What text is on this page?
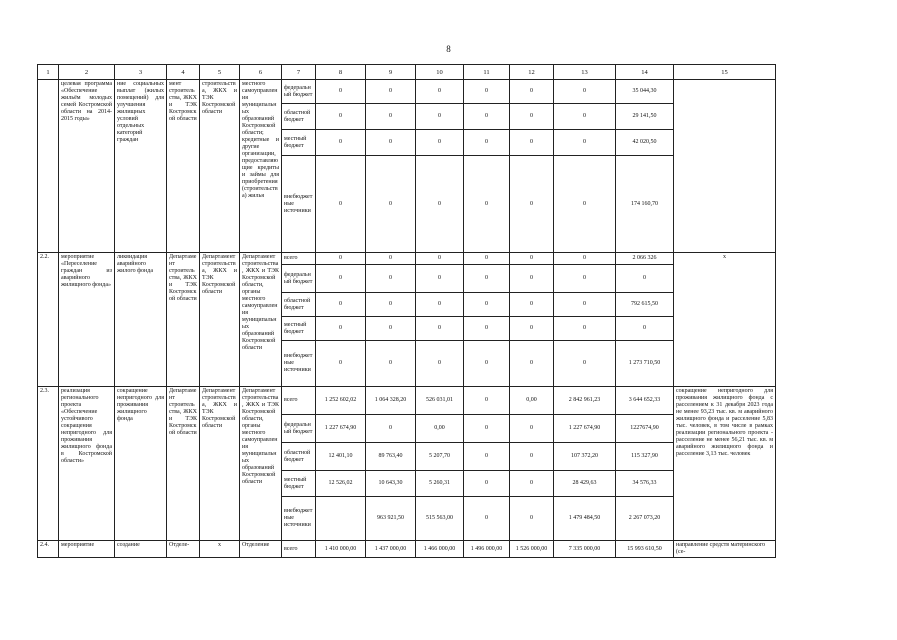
8
1	2	3	4	5	6	7	8	9	10	11	12	13	14	15
	целевая программа «Обеспечение жильём молодых семей Костромской области на 2014-2015 годы»	ние социальных выплат (жилых помещений) для улучшения жилищных условий отдельных категорий граждан	мент строительства, ЖКХ и ТЭК Костромской области	строительства, ЖКХ и ТЭК Костромской области	местного самоуправления муниципальных образований Костромской области; кредитные и другие организации, предоставляющие кредиты и займы для приобретения (строительства) жилья	федеральный бюджет	0	0	0	0	0	0	35 044,30	
						областной бюджет	0	0	0	0	0	0	29 141,50	
						местный бюджет	0	0	0	0	0	0	42 020,50	
						внебюджетные источники	0	0	0	0	0	0	174 160,70	
2.2.	мероприятие «Переселение граждан из аварийного жилищного фонда»	ликвидация аварийного жилого фонда	Департамент строительства, ЖКХ и ТЭК Костромской области	Департамент строительства, ЖКХ и ТЭК Костромской области	Департамент строительства, ЖКХ и ТЭК Костромской области, органы местного самоуправления муниципальных образований Костромской области	всего	0	0	0	0	0	0	2 066 326	х
						федеральный бюджет	0	0	0	0	0	0	0	
						областной бюджет	0	0	0	0	0	0	792 615,50	
						местный бюджет	0	0	0	0	0	0	0	
						внебюджетные источники	0	0	0	0	0	0	1 273 710,50	
2.3.	реализация регионального проекта «Обеспечение устойчивого сокращения непригодного для проживания жилищного фонда в Костромской области»	сокращение непригодного для проживания жилищного фонда	Департамент строительства, ЖКХ и ТЭК Костромской области	Департамент строительства, ЖКХ и ТЭК Костромской области	Департамент строительства, ЖКХ и ТЭК Костромской области, органы местного самоуправления муниципальных образований Костромской области	всего	1 252 602,02	1 064 328,20	526 031,01	0	0,00	2 842 961,23	3 644 652,33	сокращение непригодного для проживания жилищного фонда с расселением к 31 декабря 2023 года не менее 93,23 тыс. кв. м аварийного жилищного фонда и расселение 5,83 тыс. человек, в том числе в рамках реализации регионального проекта - расселение не менее 56,21 тыс. кв. м аварийного жилищного фонда и расселение 3,13 тыс. человек
						федеральный бюджет	1 227 674,90	0	0,00	0	0	1 227 674,90	1227674,90	
						областной бюджет	12 401,10	89 763,40	5 207,70	0	0	107 372,20	115 327,90	
						местный бюджет	12 526,02	10 643,30	5 260,31	0	0	28 429,63	34 576,33	
						внебюджетные источники		963 921,50	515 563,00	0	0	1 479 484,50	2 267 073,20	
2.4.	мероприятие	создание	Отделе-	х	Отделение	всего	1 410 000,00	1 437 000,00	1 466 000,00	1 496 000,00	1 526 000,00	7 335 000,00	15 993 610,50	направление средств материнского (се-
